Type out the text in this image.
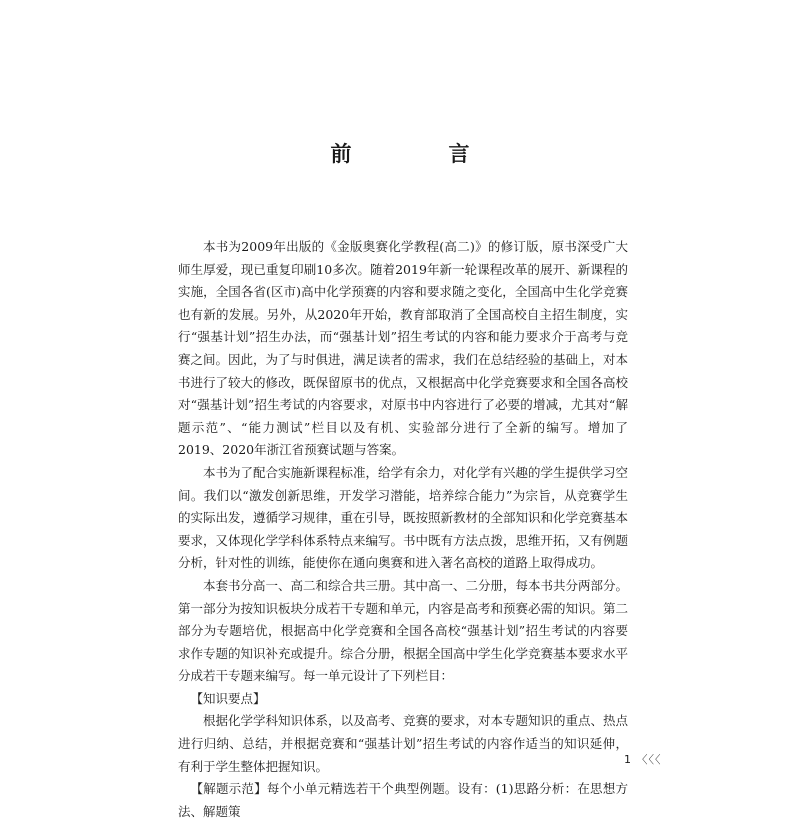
前　言

本书为2009年出版的《金版奥赛化学教程(高二)》的修订版，原书深受广大师生厚爱，现已重复印刷10多次。随着2019年新一轮课程改革的展开、新课程的实施，全国各省(区市)高中化学预赛的内容和要求随之变化，全国高中生化学竞赛也有新的发展。另外，从2020年开始，教育部取消了全国高校自主招生制度，实行“强基计划”招生办法，而“强基计划”招生考试的内容和能力要求介于高考与竞赛之间。因此，为了与时俱进，满足读者的需求，我们在总结经验的基础上，对本书进行了较大的修改，既保留原书的优点，又根据高中化学竞赛要求和全国各高校对“强基计划”招生考试的内容要求，对原书中内容进行了必要的增减，尤其对“解题示范”、“能力测试”栏目以及有机、实验部分进行了全新的编写。增加了2019、2020年浙江省预赛试题与答案。

本书为了配合实施新课程标准，给学有余力，对化学有兴趣的学生提供学习空间。我们以“激发创新思维，开发学习潜能，培养综合能力”为宗旨，从竞赛学生的实际出发，遵循学习规律，重在引导，既按照新教材的全部知识和化学竞赛基本要求，又体现化学学科体系特点来编写。书中既有方法点拨，思维开拓，又有例题分析，针对性的训练，能使你在通向奥赛和进入著名高校的道路上取得成功。

本套书分高一、高二和综合共三册。其中高一、二分册，每本书共分两部分。第一部分为按知识板块分成若干专题和单元，内容是高考和预赛必需的知识。第二部分为专题培优，根据高中化学竞赛和全国各高校“强基计划”招生考试的内容要求作专题的知识补充或提升。综合分册，根据全国高中学生化学竞赛基本要求水平分成若干专题来编写。每一单元设计了下列栏目：

【知识要点】

根据化学学科知识体系，以及高考、竞赛的要求，对本专题知识的重点、热点进行归纳、总结，并根据竞赛和“强基计划”招生考试的内容作适当的知识延伸，有利于学生整体把握知识。

【解题示范】每个小单元精选若干个典型例题。设有：(1)思路分析：在思想方法、解题策

1 〈〈〈
